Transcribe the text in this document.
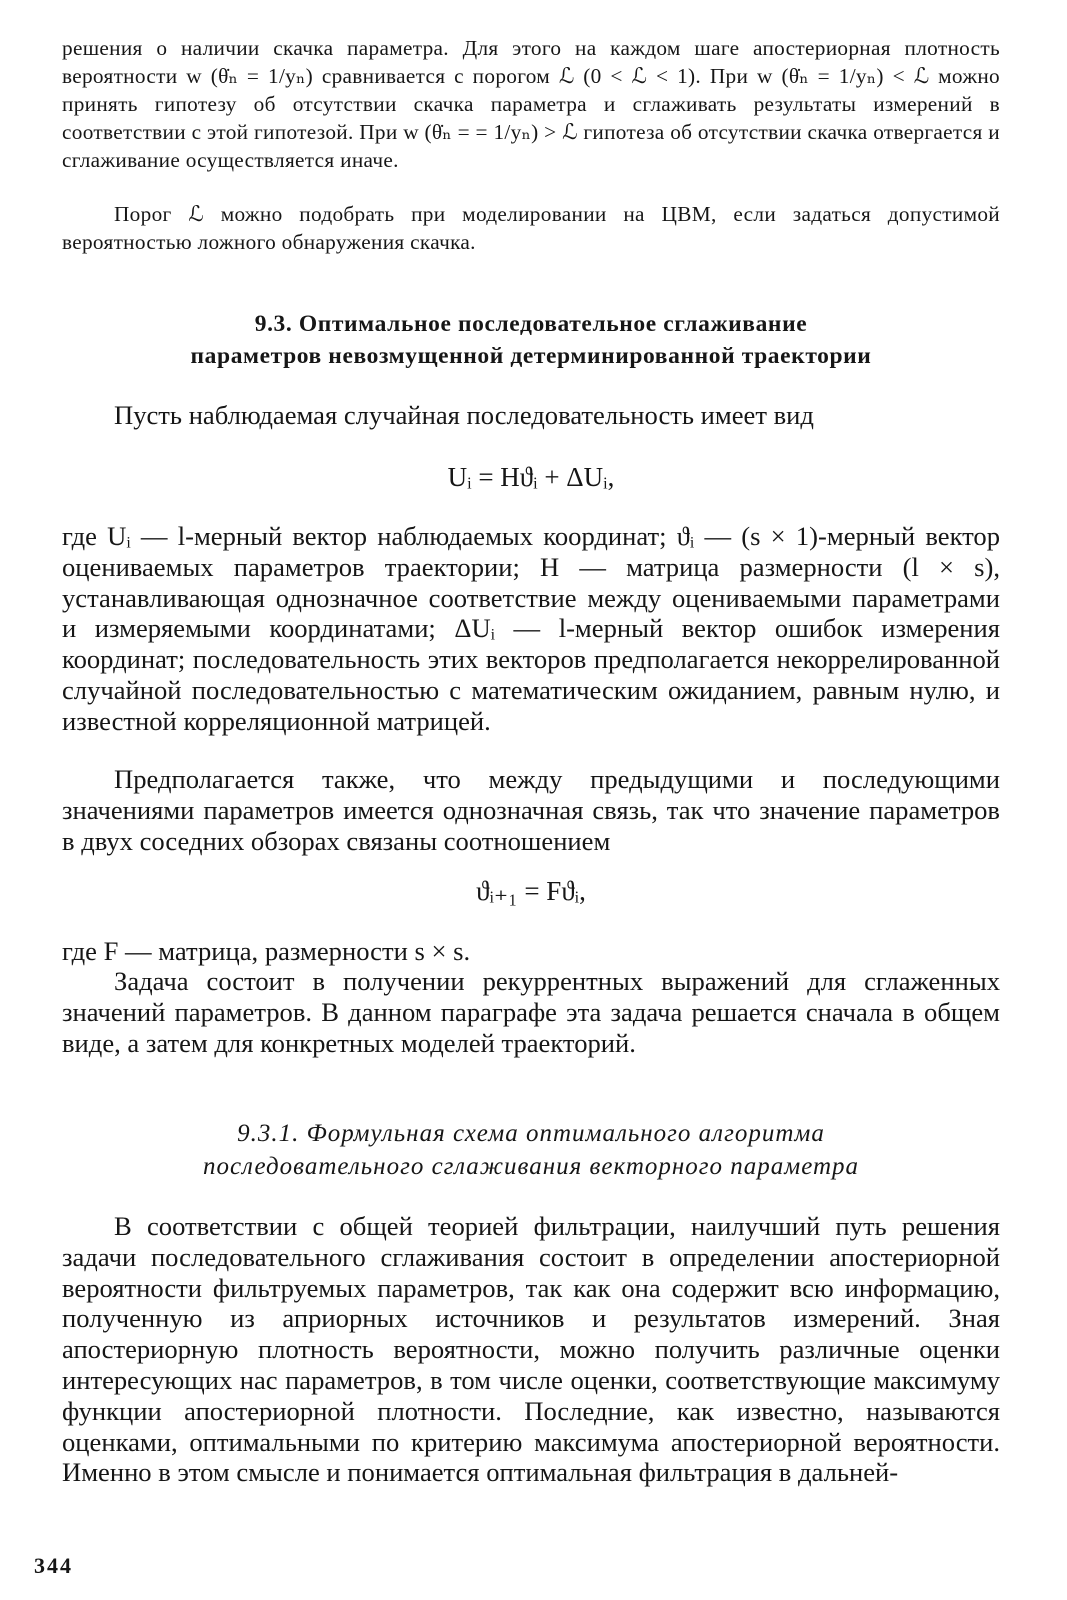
решения о наличии скачка параметра. Для этого на каждом шаге апостериорная плотность вероятности w (θ̇ₙ = 1/yₙ) сравнивается с порогом ℒ (0 < ℒ < 1). При w (θ̇ₙ = 1/yₙ) < ℒ можно принять гипотезу об отсутствии скачка параметра и сглаживать результаты измерений в соответствии с этой гипотезой. При w (θ̇ₙ = = 1/yₙ) > ℒ гипотеза об отсутствии скачка отвергается и сглаживание осуществляется иначе.

Порог ℒ можно подобрать при моделировании на ЦВМ, если задаться допустимой вероятностью ложного обнаружения скачка.

9.3. Оптимальное последовательное сглаживание
параметров невозмущенной детерминированной траектории

Пусть наблюдаемая случайная последовательность имеет вид

Uᵢ = Hϑᵢ + ΔUᵢ,

где Uᵢ — l-мерный вектор наблюдаемых координат; ϑᵢ — (s × 1)-мерный вектор оцениваемых параметров траектории; H — матрица размерности (l × s), устанавливающая однозначное соответствие между оцениваемыми параметрами и измеряемыми координатами; ΔUᵢ — l-мерный вектор ошибок измерения координат; последовательность этих векторов предполагается некоррелированной случайной последовательностью с математическим ожиданием, равным нулю, и известной корреляционной матрицей.

Предполагается также, что между предыдущими и последующими значениями параметров имеется однозначная связь, так что значение параметров в двух соседних обзорах связаны соотношением

ϑᵢ₊₁ = Fϑᵢ,

где F — матрица, размерности s × s.

Задача состоит в получении рекуррентных выражений для сглаженных значений параметров. В данном параграфе эта задача решается сначала в общем виде, а затем для конкретных моделей траекторий.

9.3.1. Формульная схема оптимального алгоритма
последовательного сглаживания векторного параметра

В соответствии с общей теорией фильтрации, наилучший путь решения задачи последовательного сглаживания состоит в определении апостериорной вероятности фильтруемых параметров, так как она содержит всю информацию, полученную из априорных источников и результатов измерений. Зная апостериорную плотность вероятности, можно получить различные оценки интересующих нас параметров, в том числе оценки, соответствующие максимуму функции апостериорной плотности. Последние, как известно, называются оценками, оптимальными по критерию максимума апостериорной вероятности. Именно в этом смысле и понимается оптимальная фильтрация в дальней-

344
